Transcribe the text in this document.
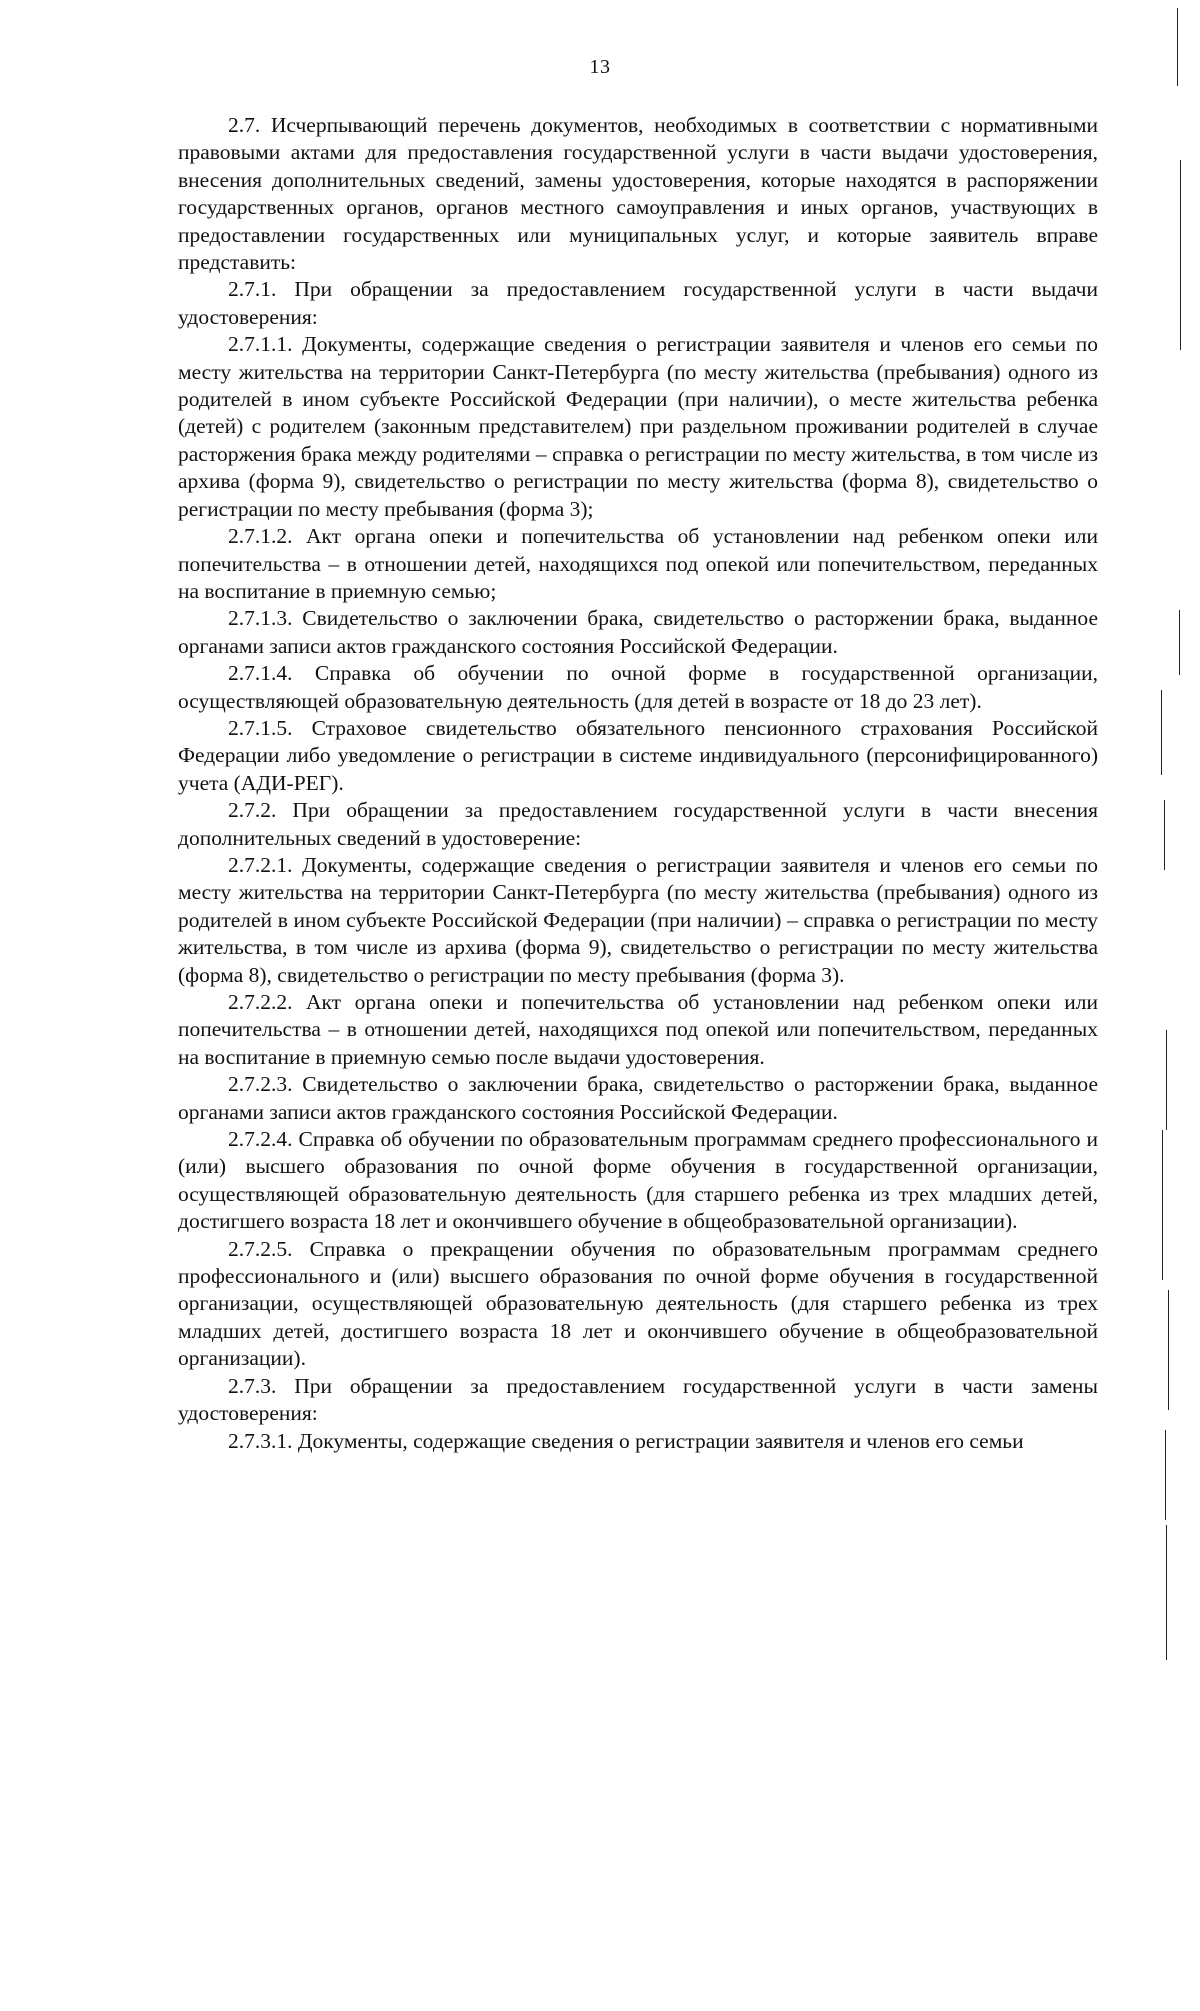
13

2.7. Исчерпывающий перечень документов, необходимых в соответствии с нормативными правовыми актами для предоставления государственной услуги в части выдачи удостоверения, внесения дополнительных сведений, замены удостоверения, которые находятся в распоряжении государственных органов, органов местного самоуправления и иных органов, участвующих в предоставлении государственных или муниципальных услуг, и которые заявитель вправе представить:

2.7.1. При обращении за предоставлением государственной услуги в части выдачи удостоверения:

2.7.1.1. Документы, содержащие сведения о регистрации заявителя и членов его семьи по месту жительства на территории Санкт-Петербурга (по месту жительства (пребывания) одного из родителей в ином субъекте Российской Федерации (при наличии), о месте жительства ребенка (детей) с родителем (законным представителем) при раздельном проживании родителей в случае расторжения брака между родителями – справка о регистрации по месту жительства, в том числе из архива (форма 9), свидетельство о регистрации по месту жительства (форма 8), свидетельство о регистрации по месту пребывания (форма 3);

2.7.1.2. Акт органа опеки и попечительства об установлении над ребенком опеки или попечительства – в отношении детей, находящихся под опекой или попечительством, переданных на воспитание в приемную семью;

2.7.1.3. Свидетельство о заключении брака, свидетельство о расторжении брака, выданное органами записи актов гражданского состояния Российской Федерации.

2.7.1.4. Справка об обучении по очной форме в государственной организации, осуществляющей образовательную деятельность (для детей в возрасте от 18 до 23 лет).

2.7.1.5. Страховое свидетельство обязательного пенсионного страхования Российской Федерации либо уведомление о регистрации в системе индивидуального (персонифицированного) учета (АДИ-РЕГ).

2.7.2. При обращении за предоставлением государственной услуги в части внесения дополнительных сведений в удостоверение:

2.7.2.1. Документы, содержащие сведения о регистрации заявителя и членов его семьи по месту жительства на территории Санкт-Петербурга (по месту жительства (пребывания) одного из родителей в ином субъекте Российской Федерации (при наличии) – справка о регистрации по месту жительства, в том числе из архива (форма 9), свидетельство о регистрации по месту жительства (форма 8), свидетельство о регистрации по месту пребывания (форма 3).

2.7.2.2. Акт органа опеки и попечительства об установлении над ребенком опеки или попечительства – в отношении детей, находящихся под опекой или попечительством, переданных на воспитание в приемную семью после выдачи удостоверения.

2.7.2.3. Свидетельство о заключении брака, свидетельство о расторжении брака, выданное органами записи актов гражданского состояния Российской Федерации.

2.7.2.4. Справка об обучении по образовательным программам среднего профессионального и (или) высшего образования по очной форме обучения в государственной организации, осуществляющей образовательную деятельность (для старшего ребенка из трех младших детей, достигшего возраста 18 лет и окончившего обучение в общеобразовательной организации).

2.7.2.5. Справка о прекращении обучения по образовательным программам среднего профессионального и (или) высшего образования по очной форме обучения в государственной организации, осуществляющей образовательную деятельность (для старшего ребенка из трех младших детей, достигшего возраста 18 лет и окончившего обучение в общеобразовательной организации).

2.7.3. При обращении за предоставлением государственной услуги в части замены удостоверения:

2.7.3.1. Документы, содержащие сведения о регистрации заявителя и членов его семьи
